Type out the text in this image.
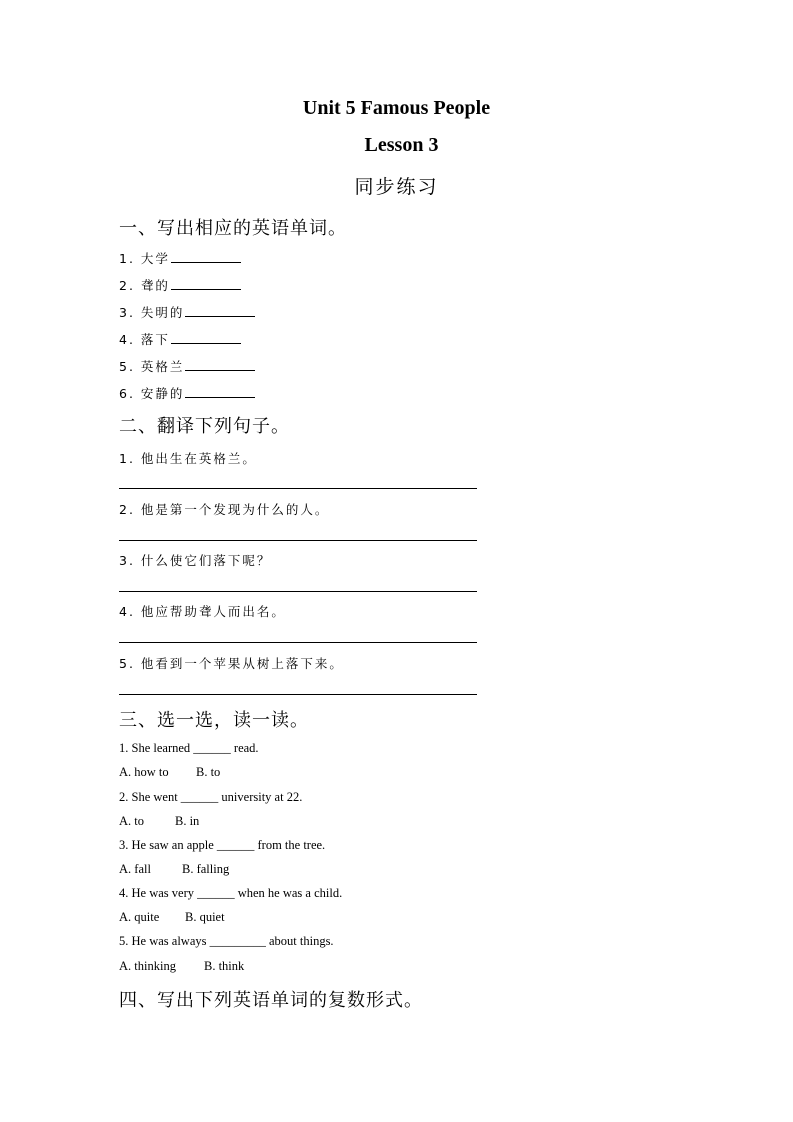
Unit 5 Famous People
Lesson 3
同步练习
一、写出相应的英语单词。
1. 大学
2. 聋的
3. 失明的
4. 落下
5. 英格兰
6. 安静的
二、翻译下列句子。
1. 他出生在英格兰。
2. 他是第一个发现为什么的人。
3. 什么使它们落下呢？
4. 他应帮助聋人而出名。
5. 他看到一个苹果从树上落下来。
三、选一选，读一读。
1. She learned ______ read.
A. how to B. to
2. She went ______ university at 22.
A. to B. in
3. He saw an apple ______ from the tree.
A. fall B. falling
4. He was very ______ when he was a child.
A. quite B. quiet
5. He was always _________ about things.
A. thinking B. think
四、写出下列英语单词的复数形式。
